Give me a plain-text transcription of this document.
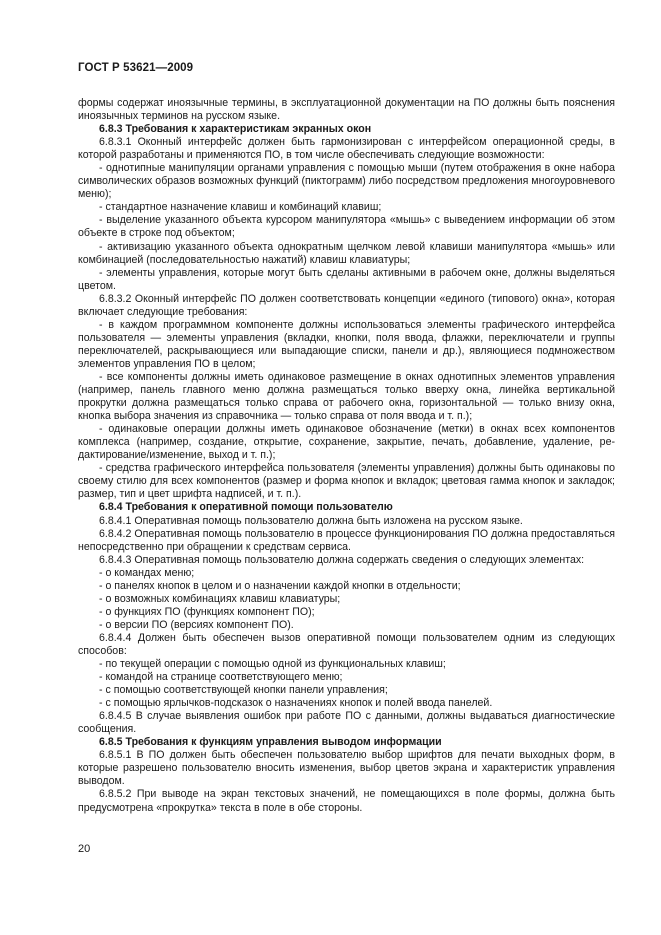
ГОСТ Р 53621—2009

формы содержат иноязычные термины, в эксплуатационной документации на ПО должны быть пояснения иноязычных терминов на русском языке.

6.8.3 Требования к характеристикам экранных окон

6.8.3.1 Оконный интерфейс должен быть гармонизирован с интерфейсом операционной среды, в которой разработаны и применяются ПО, в том числе обеспечивать следующие возможности:

- однотипные манипуляции органами управления с помощью мыши (путем отображения в окне набора символических образов возможных функций (пиктограмм) либо посредством предложения многоуровневого меню);

- стандартное назначение клавиш и комбинаций клавиш;

- выделение указанного объекта курсором манипулятора «мышь» с выведением информации об этом объекте в строке под объектом;

- активизацию указанного объекта однократным щелчком левой клавиши манипулятора «мышь» или комбинацией (последовательностью нажатий) клавиш клавиатуры;

- элементы управления, которые могут быть сделаны активными в рабочем окне, должны выделяться цветом.

6.8.3.2 Оконный интерфейс ПО должен соответствовать концепции «единого (типового) окна», которая включает следующие требования:

- в каждом программном компоненте должны использоваться элементы графического интерфейса пользователя — элементы управления (вкладки, кнопки, поля ввода, флажки, переключатели и группы переключателей, раскрывающиеся или выпадающие списки, панели и др.), являющиеся подмножеством элементов управления ПО в целом;

- все компоненты должны иметь одинаковое размещение в окнах однотипных элементов управления (например, панель главного меню должна размещаться только вверху окна, линейка вертикальной прокрутки должна размещаться только справа от рабочего окна, горизонтальной — только внизу окна, кнопка выбора значения из справочника — только справа от поля ввода и т. п.);

- одинаковые операции должны иметь одинаковое обозначение (метки) в окнах всех компонентов комплекса (например, создание, открытие, сохранение, закрытие, печать, добавление, удаление, редактирование/изменение, выход и т. п.);

- средства графического интерфейса пользователя (элементы управления) должны быть одинаковы по своему стилю для всех компонентов (размер и форма кнопок и вкладок; цветовая гамма кнопок и закладок; размер, тип и цвет шрифта надписей, и т. п.).

6.8.4 Требования к оперативной помощи пользователю

6.8.4.1 Оперативная помощь пользователю должна быть изложена на русском языке.

6.8.4.2 Оперативная помощь пользователю в процессе функционирования ПО должна предоставляться непосредственно при обращении к средствам сервиса.

6.8.4.3 Оперативная помощь пользователю должна содержать сведения о следующих элементах:

- о командах меню;

- о панелях кнопок в целом и о назначении каждой кнопки в отдельности;

- о возможных комбинациях клавиш клавиатуры;

- о функциях ПО (функциях компонент ПО);

- о версии ПО (версиях компонент ПО).

6.8.4.4 Должен быть обеспечен вызов оперативной помощи пользователем одним из следующих способов:

- по текущей операции с помощью одной из функциональных клавиш;

- командой на странице соответствующего меню;

- с помощью соответствующей кнопки панели управления;

- с помощью ярлычков-подсказок о назначениях кнопок и полей ввода панелей.

6.8.4.5 В случае выявления ошибок при работе ПО с данными, должны выдаваться диагностические сообщения.

6.8.5 Требования к функциям управления выводом информации

6.8.5.1 В ПО должен быть обеспечен пользователю выбор шрифтов для печати выходных форм, в которые разрешено пользователю вносить изменения, выбор цветов экрана и характеристик управления выводом.

6.8.5.2 При выводе на экран текстовых значений, не помещающихся в поле формы, должна быть предусмотрена «прокрутка» текста в поле в обе стороны.

20
